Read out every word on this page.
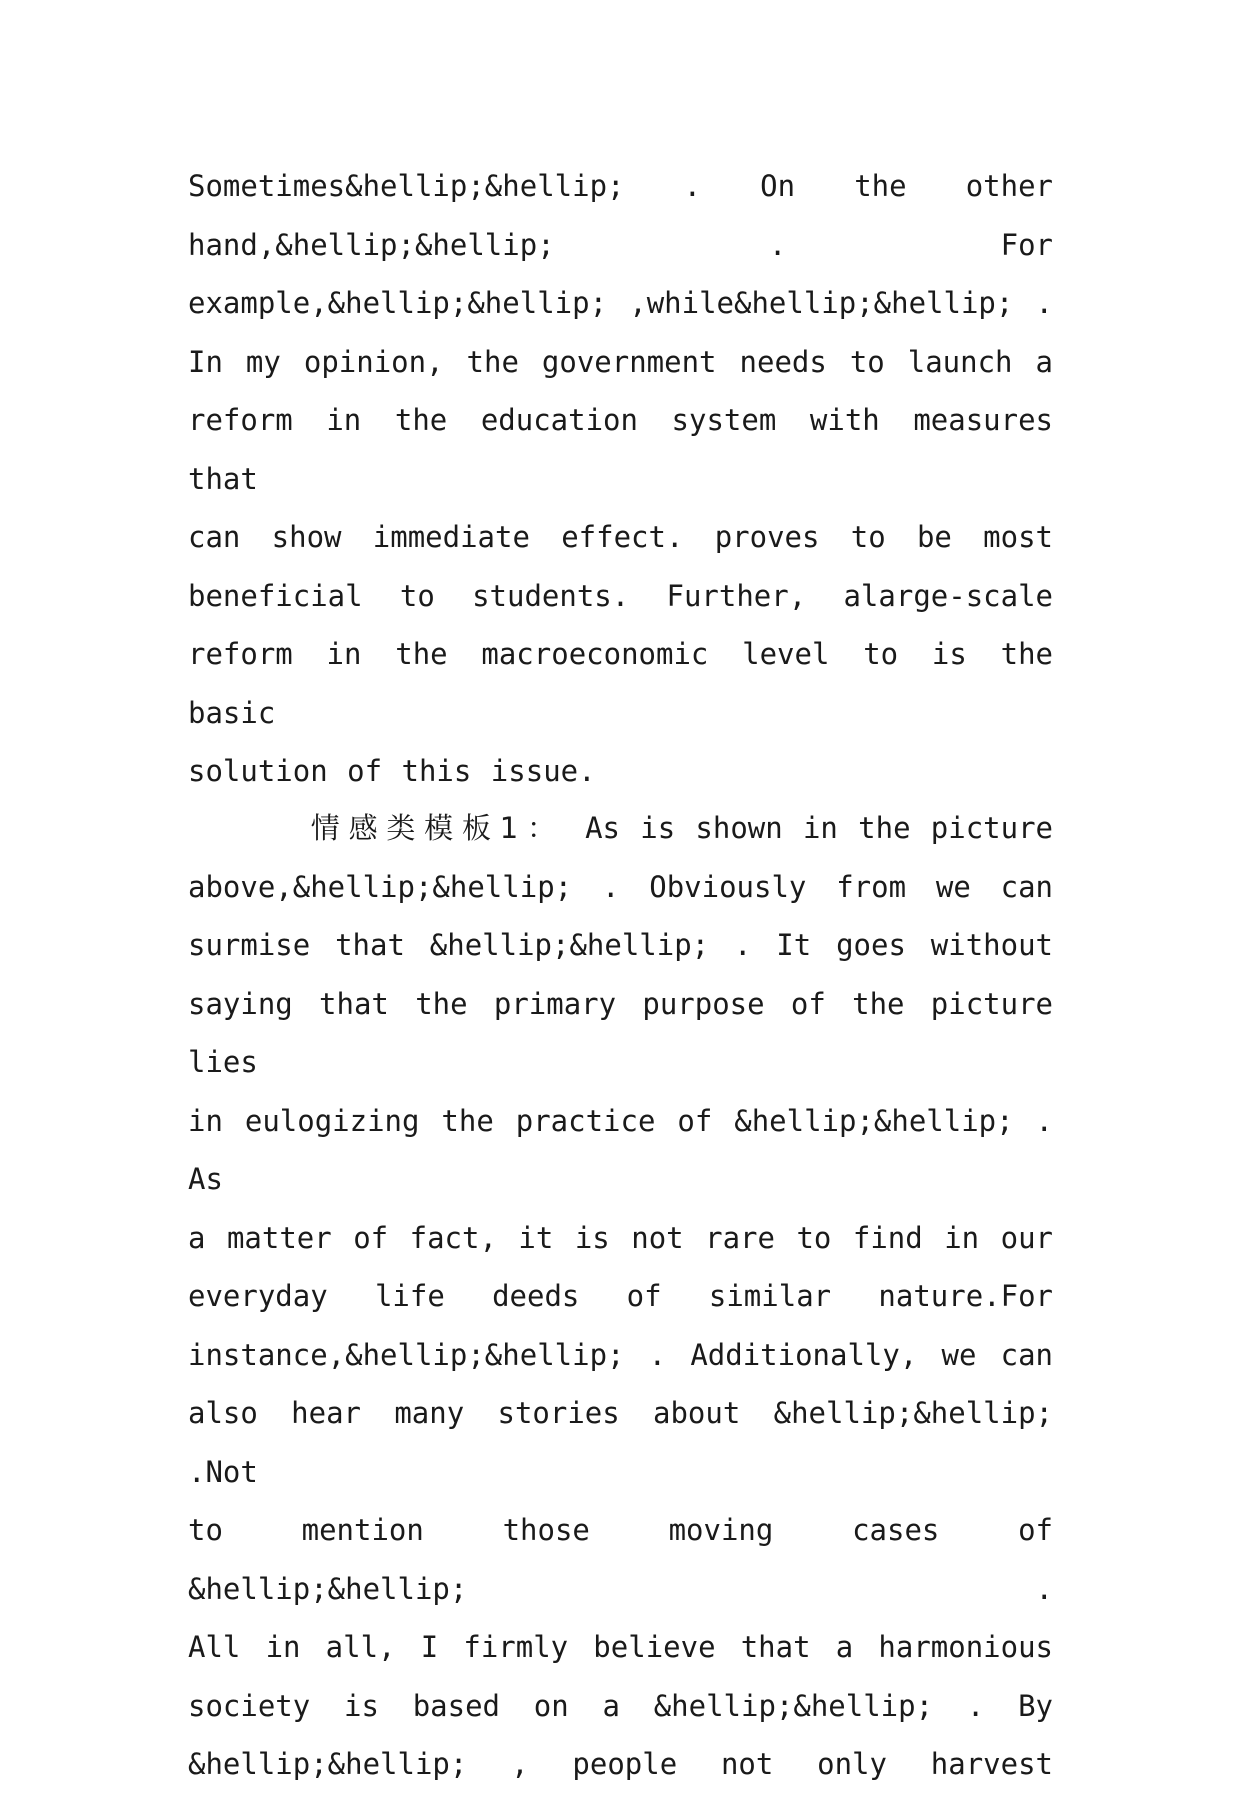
Sometimes&hellip;&hellip; . On the other
hand,&hellip;&hellip; . For
example,&hellip;&hellip; ,while&hellip;&hellip; .
In my opinion, the government needs to launch a
reform in the education system with measures that
can show immediate effect. proves to be most
beneficial to students. Further, alarge-scale
reform in the macroeconomic level to is the basic
solution of this issue.
情感类模板1： As is shown in the picture
above,&hellip;&hellip; . Obviously from we can
surmise that &hellip;&hellip; . It goes without
saying that the primary purpose of the picture lies
in eulogizing the practice of &hellip;&hellip; . As
a matter of fact, it is not rare to find in our
everyday life deeds of similar nature.For
instance,&hellip;&hellip; . Additionally, we can
also hear many stories about &hellip;&hellip; .Not
to mention those moving cases of &hellip;&hellip; .
All in all, I firmly believe that a harmonious
society is based on a &hellip;&hellip; . By
&hellip;&hellip; , people not only harvest
